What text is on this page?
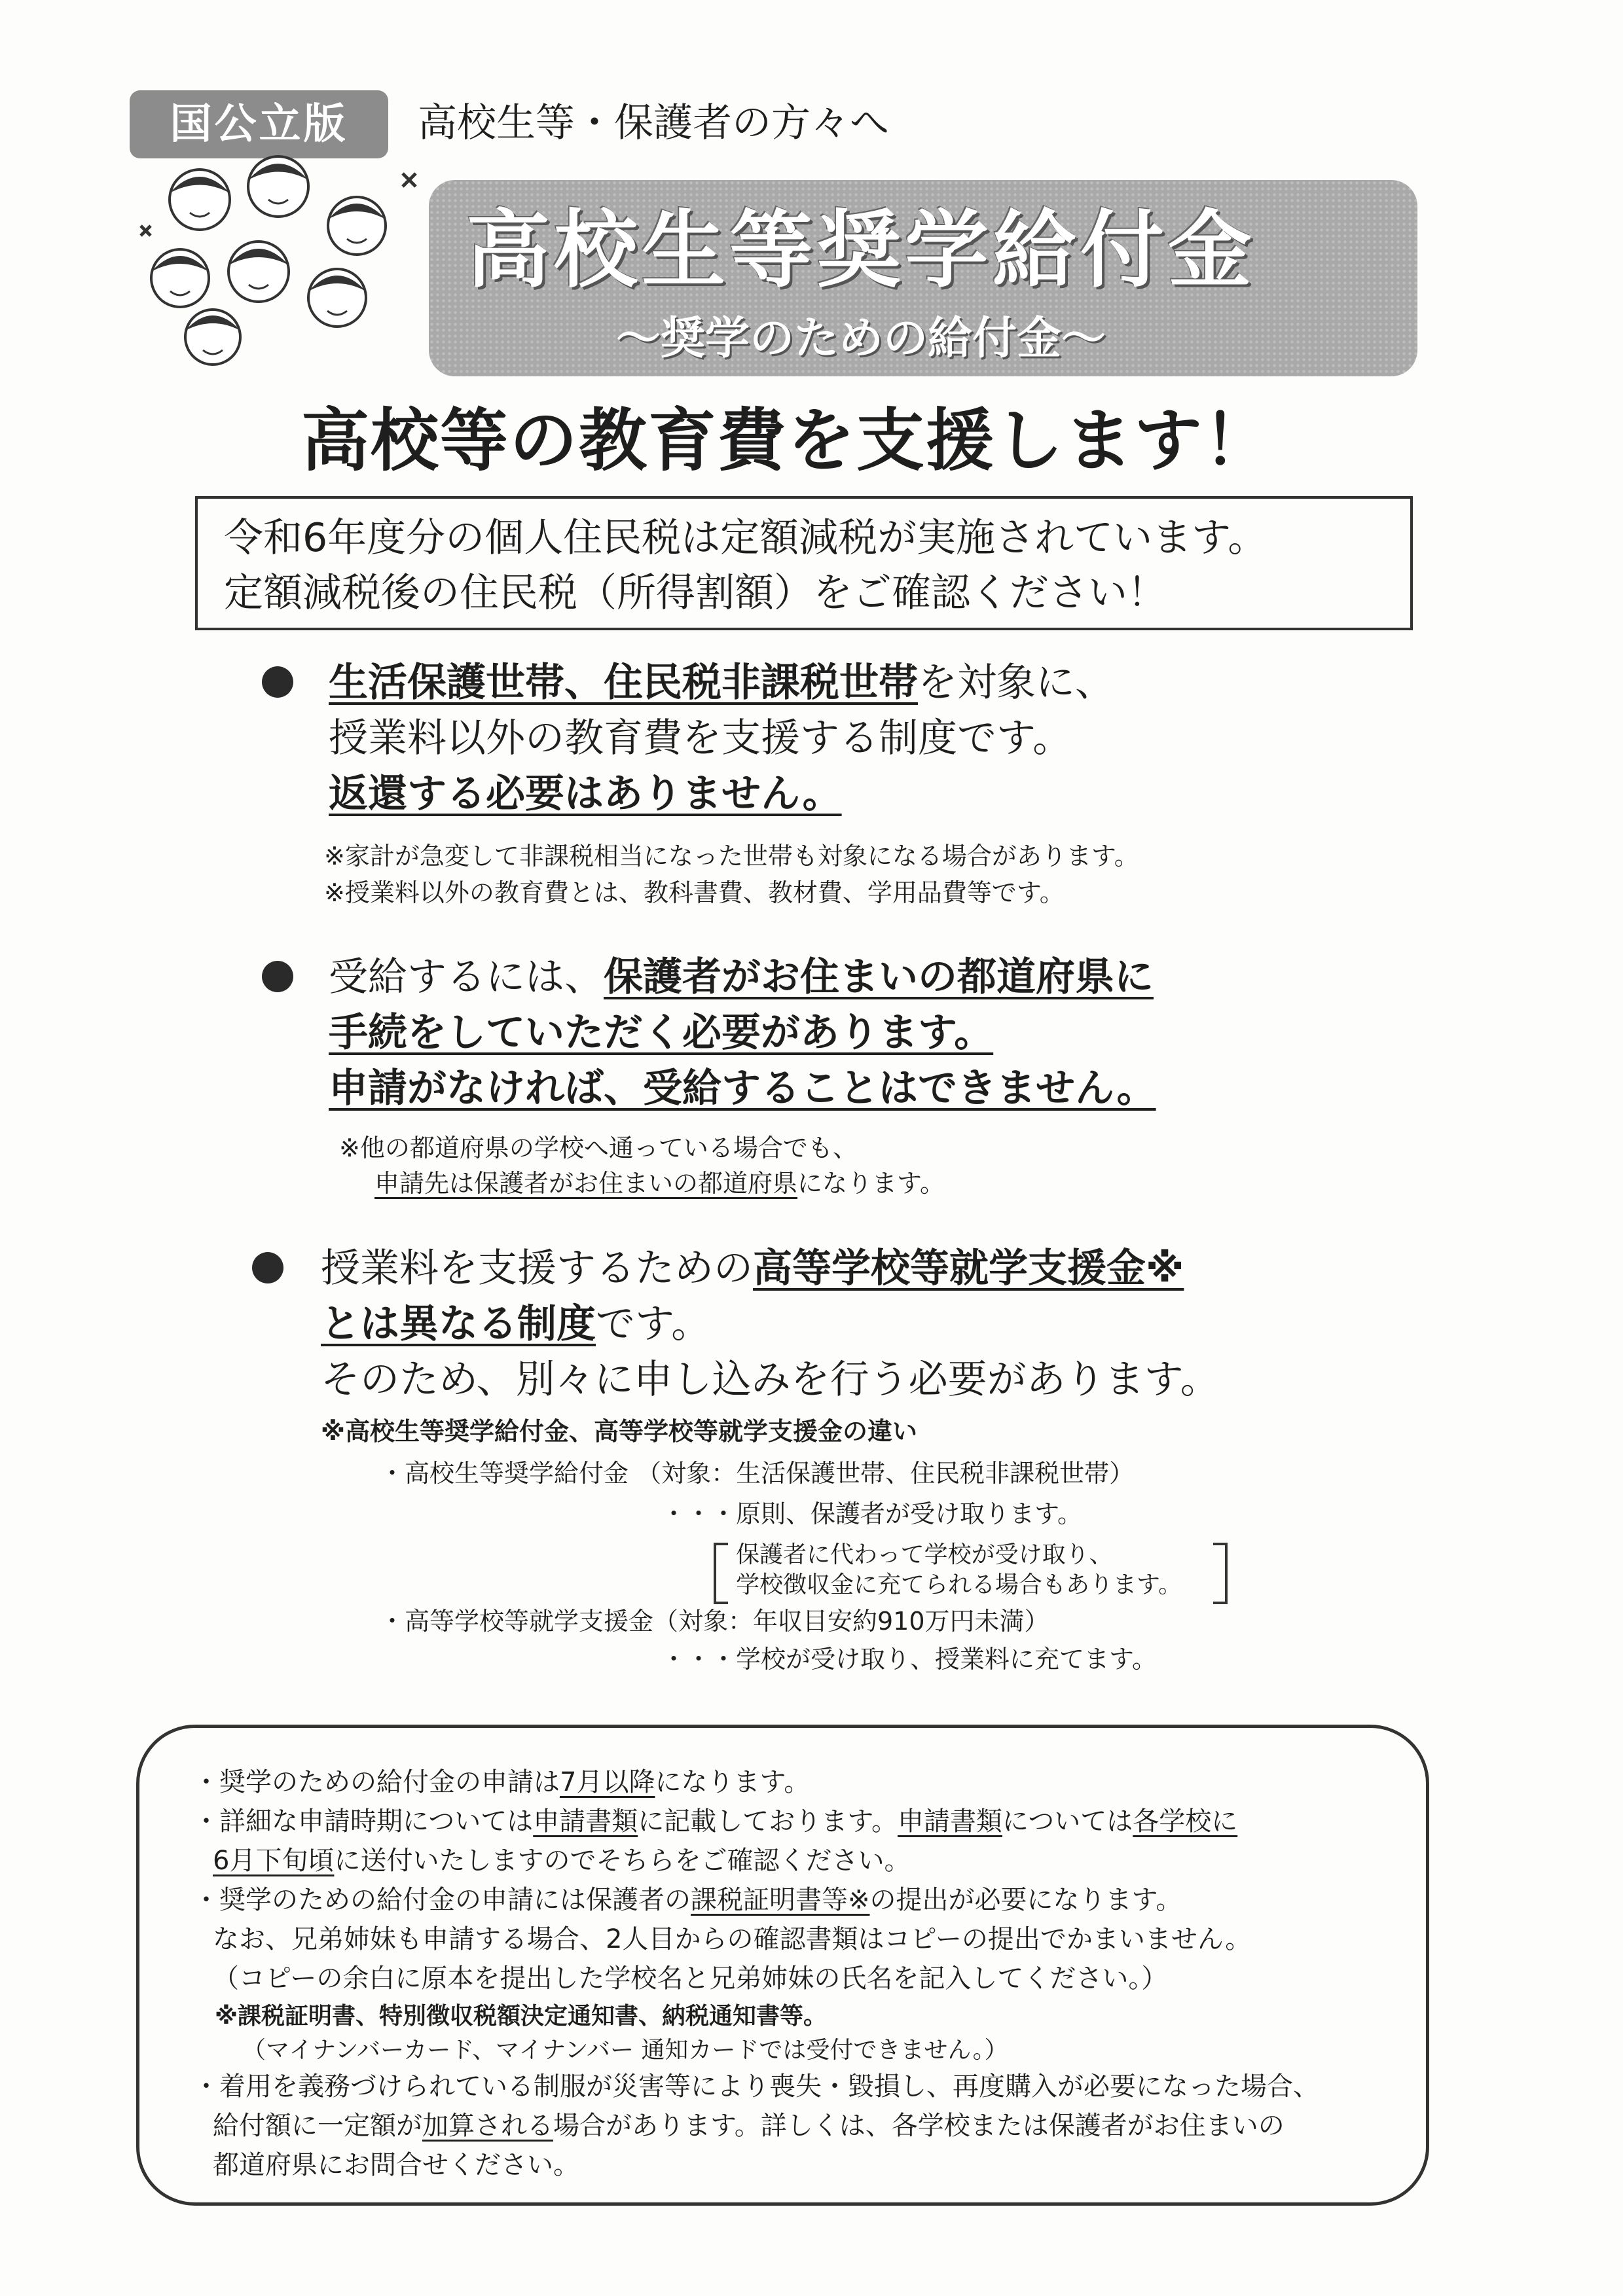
国公立版	高校生等・保護者の方々へ
高校生等奨学給付金
～奨学のための給付金～
高校等の教育費を支援します！
令和6年度分の個人住民税は定額減税が実施されています。
定額減税後の住民税（所得割額）をご確認ください！
生活保護世帯、住民税非課税世帯を対象に、
授業料以外の教育費を支援する制度です。
返還する必要はありません。
※家計が急変して非課税相当になった世帯も対象になる場合があります。
※授業料以外の教育費とは、教科書費、教材費、学用品費等です。
受給するには、保護者がお住まいの都道府県に
手続をしていただく必要があります。
申請がなければ、受給することはできません。
※他の都道府県の学校へ通っている場合でも、
申請先は保護者がお住まいの都道府県になります。
授業料を支援するための高等学校等就学支援金※
とは異なる制度です。
そのため、別々に申し込みを行う必要があります。
※高校生等奨学給付金、高等学校等就学支援金の違い
・高校生等奨学給付金 （対象：生活保護世帯、住民税非課税世帯）
・・・原則、保護者が受け取ります。
保護者に代わって学校が受け取り、
学校徴収金に充てられる場合もあります。
・高等学校等就学支援金（対象：年収目安約910万円未満）
・・・学校が受け取り、授業料に充てます。
・奨学のための給付金の申請は7月以降になります。
・詳細な申請時期については申請書類に記載しております。申請書類については各学校に
6月下旬頃に送付いたしますのでそちらをご確認ください。
・奨学のための給付金の申請には保護者の課税証明書等※の提出が必要になります。
なお、兄弟姉妹も申請する場合、2人目からの確認書類はコピーの提出でかまいません。
（コピーの余白に原本を提出した学校名と兄弟姉妹の氏名を記入してください。）
※課税証明書、特別徴収税額決定通知書、納税通知書等。
（マイナンバーカード、マイナンバー 通知カードでは受付できません。）
・着用を義務づけられている制服が災害等により喪失・毀損し、再度購入が必要になった場合、
給付額に一定額が加算される場合があります。詳しくは、各学校または保護者がお住まいの
都道府県にお問合せください。
